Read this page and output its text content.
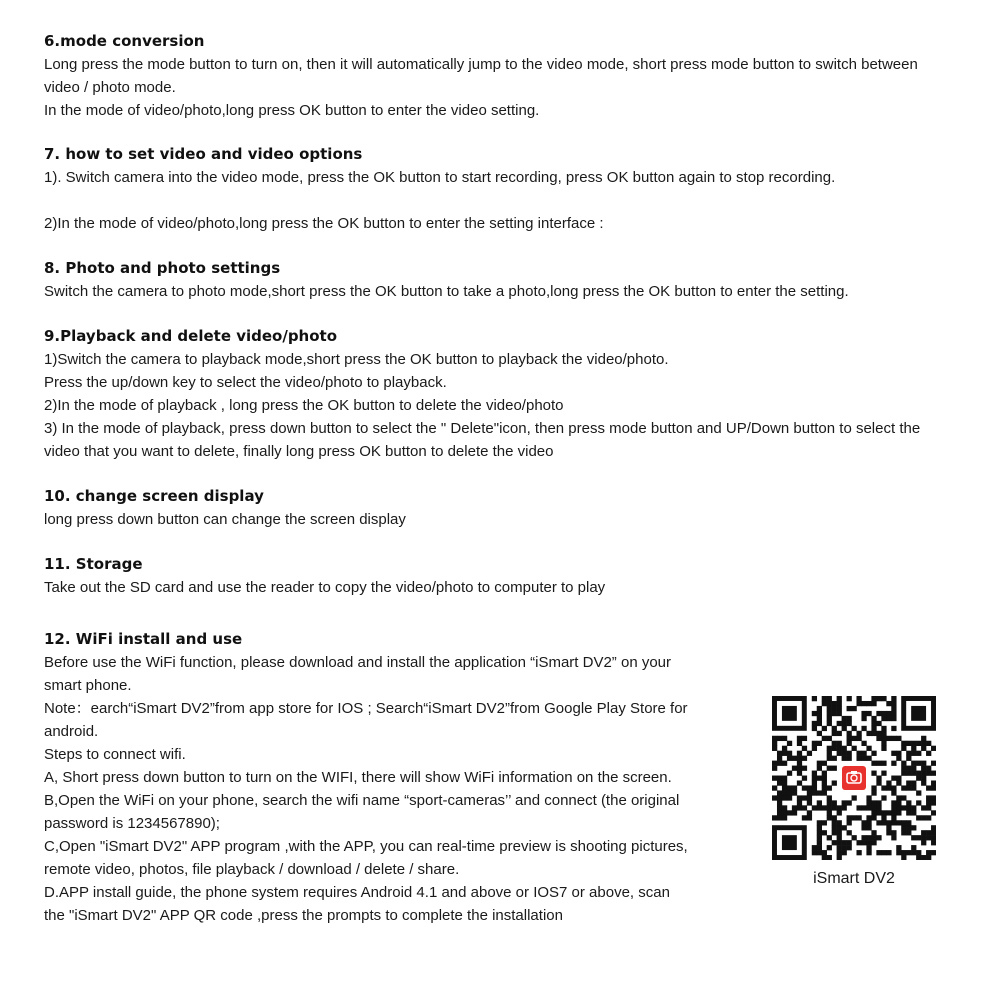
6.mode conversion
Long press the mode button to turn on, then it will automatically jump to the video mode, short press mode button to switch between
video / photo mode.
In the mode of video/photo,long press OK button to enter the video setting.
7. how to set video and video options
1). Switch camera into the video mode, press the OK button to start recording, press OK button again to stop recording.
2)In the mode of video/photo,long press the OK button to enter the setting interface :
8. Photo and photo settings
Switch the camera to photo mode,short press the OK button to take a photo,long press the OK button to enter the setting.
9.Playback and delete video/photo
1)Switch the camera to playback mode,short press the OK button to playback the video/photo.
Press the up/down key to select the video/photo to playback.
2)In the mode of playback , long press the OK button to delete the video/photo
3) In the mode of playback, press down button to select the " Delete"icon, then press mode button and UP/Down button to select the
video that you want to delete, finally long press OK button to delete the video
10. change screen display
long press down button can change the screen display
11. Storage
Take out the SD card and use the reader to copy the video/photo to computer to play
12. WiFi install and use
Before use the WiFi function, please download and install the application “iSmart DV2” on your
smart phone.
Note：earch“iSmart DV2”from app store for IOS ; Search“iSmart DV2”from Google Play Store for
android.
Steps to connect wifi.
A, Short press down button to turn on the WIFI, there will show WiFi information on the screen.
B,Open the WiFi on your phone, search the wifi name “sport-cameras’’ and connect (the original
password is 1234567890);
C,Open "iSmart DV2" APP program ,with the APP, you can real-time preview is shooting pictures,
remote video, photos, file playback / download / delete / share.
D.APP install guide, the phone system requires Android 4.1 and above or IOS7 or above, scan
the "iSmart DV2" APP QR code ,press the prompts to complete the installation
iSmart DV2
